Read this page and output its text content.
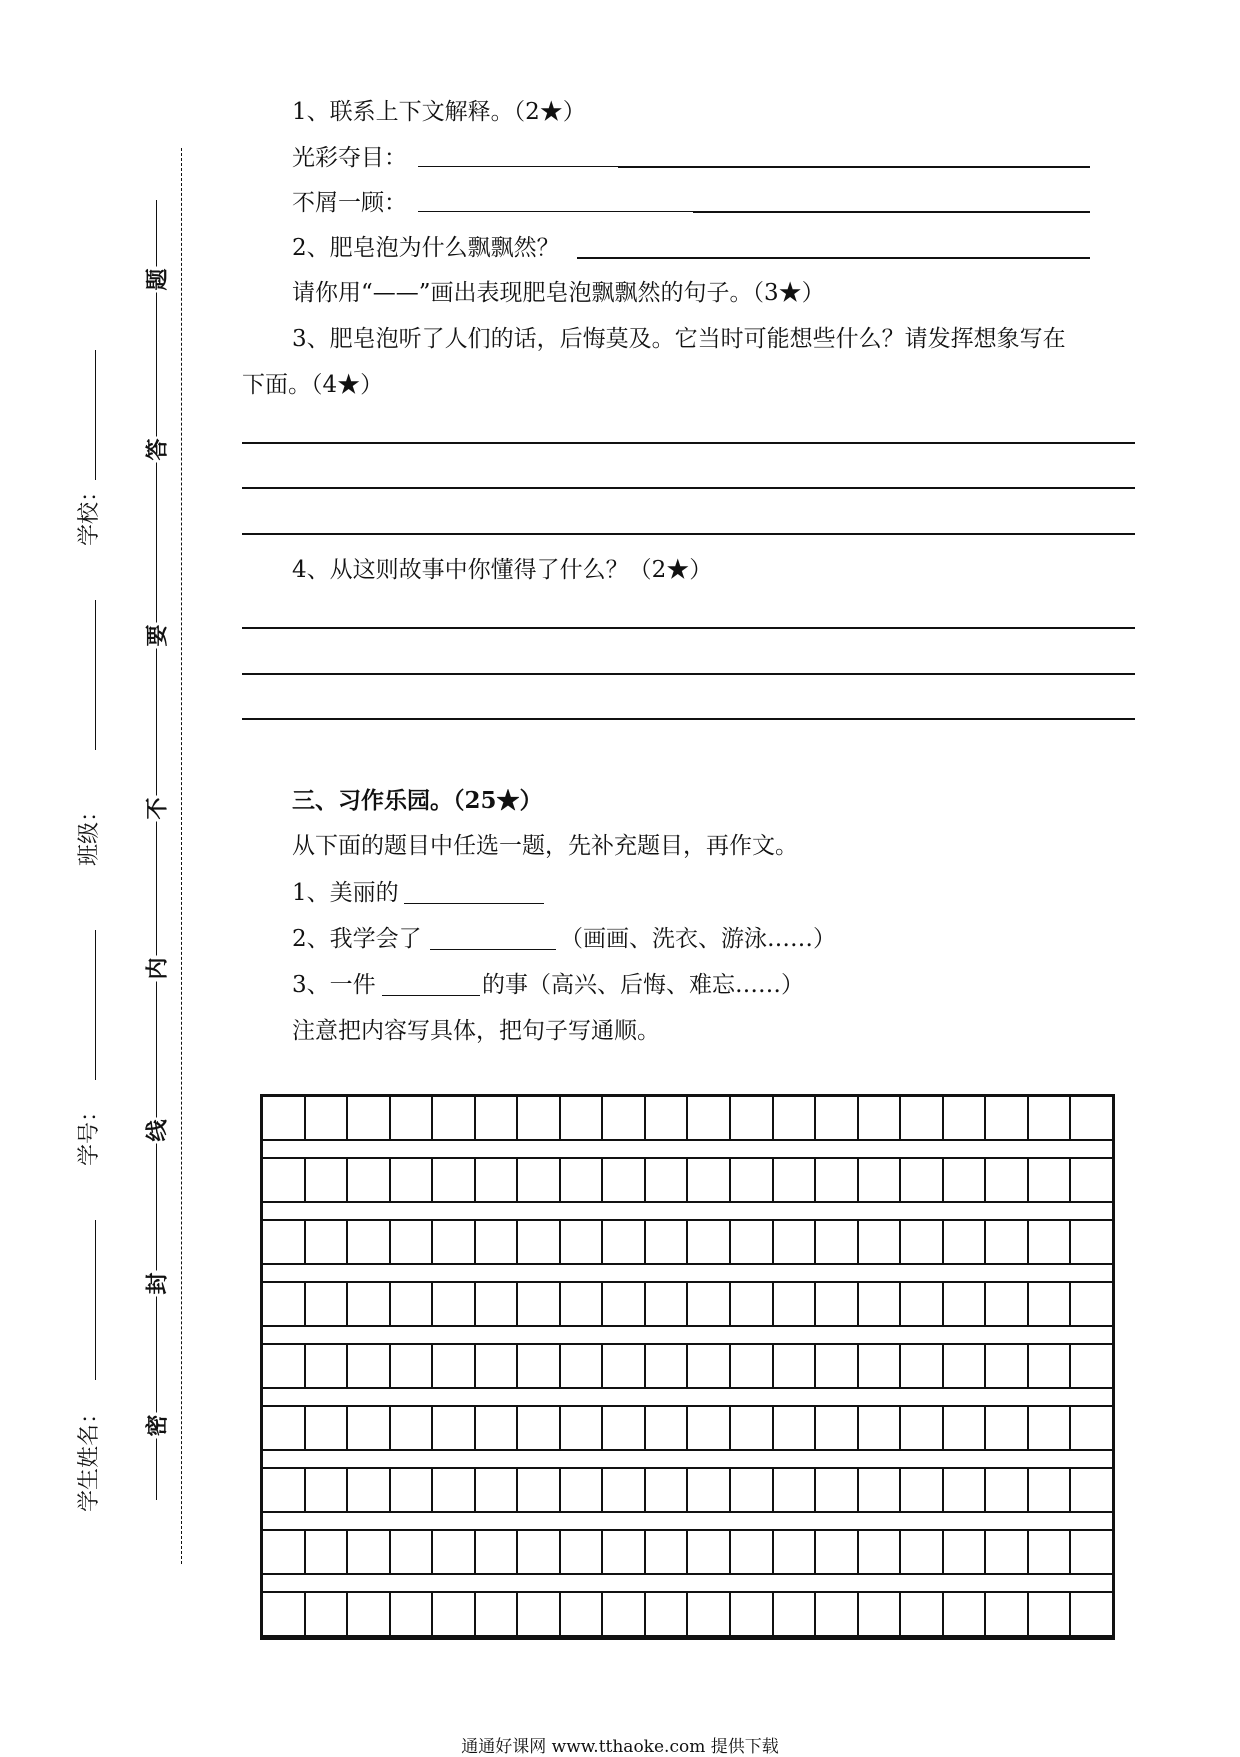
题
答
要
不
内
线
封
密
学校：
班级：
学号：
学生姓名：
1、联系上下文解释。（2★）
光彩夺目：
不屑一顾：
2、肥皂泡为什么飘飘然？
请你用“——”画出表现肥皂泡飘飘然的句子。（3★）
3、肥皂泡听了人们的话，后悔莫及。它当时可能想些什么？请发挥想象写在
下面。（4★）
4、从这则故事中你懂得了什么？（2★）
三、习作乐园。（25★）
从下面的题目中任选一题，先补充题目，再作文。
1、美丽的
2、我学会了	（画画、洗衣、游泳……）
3、一件	的事（高兴、后悔、难忘……）
注意把内容写具体，把句子写通顺。
通通好课网 www.tthaoke.com 提供下载
